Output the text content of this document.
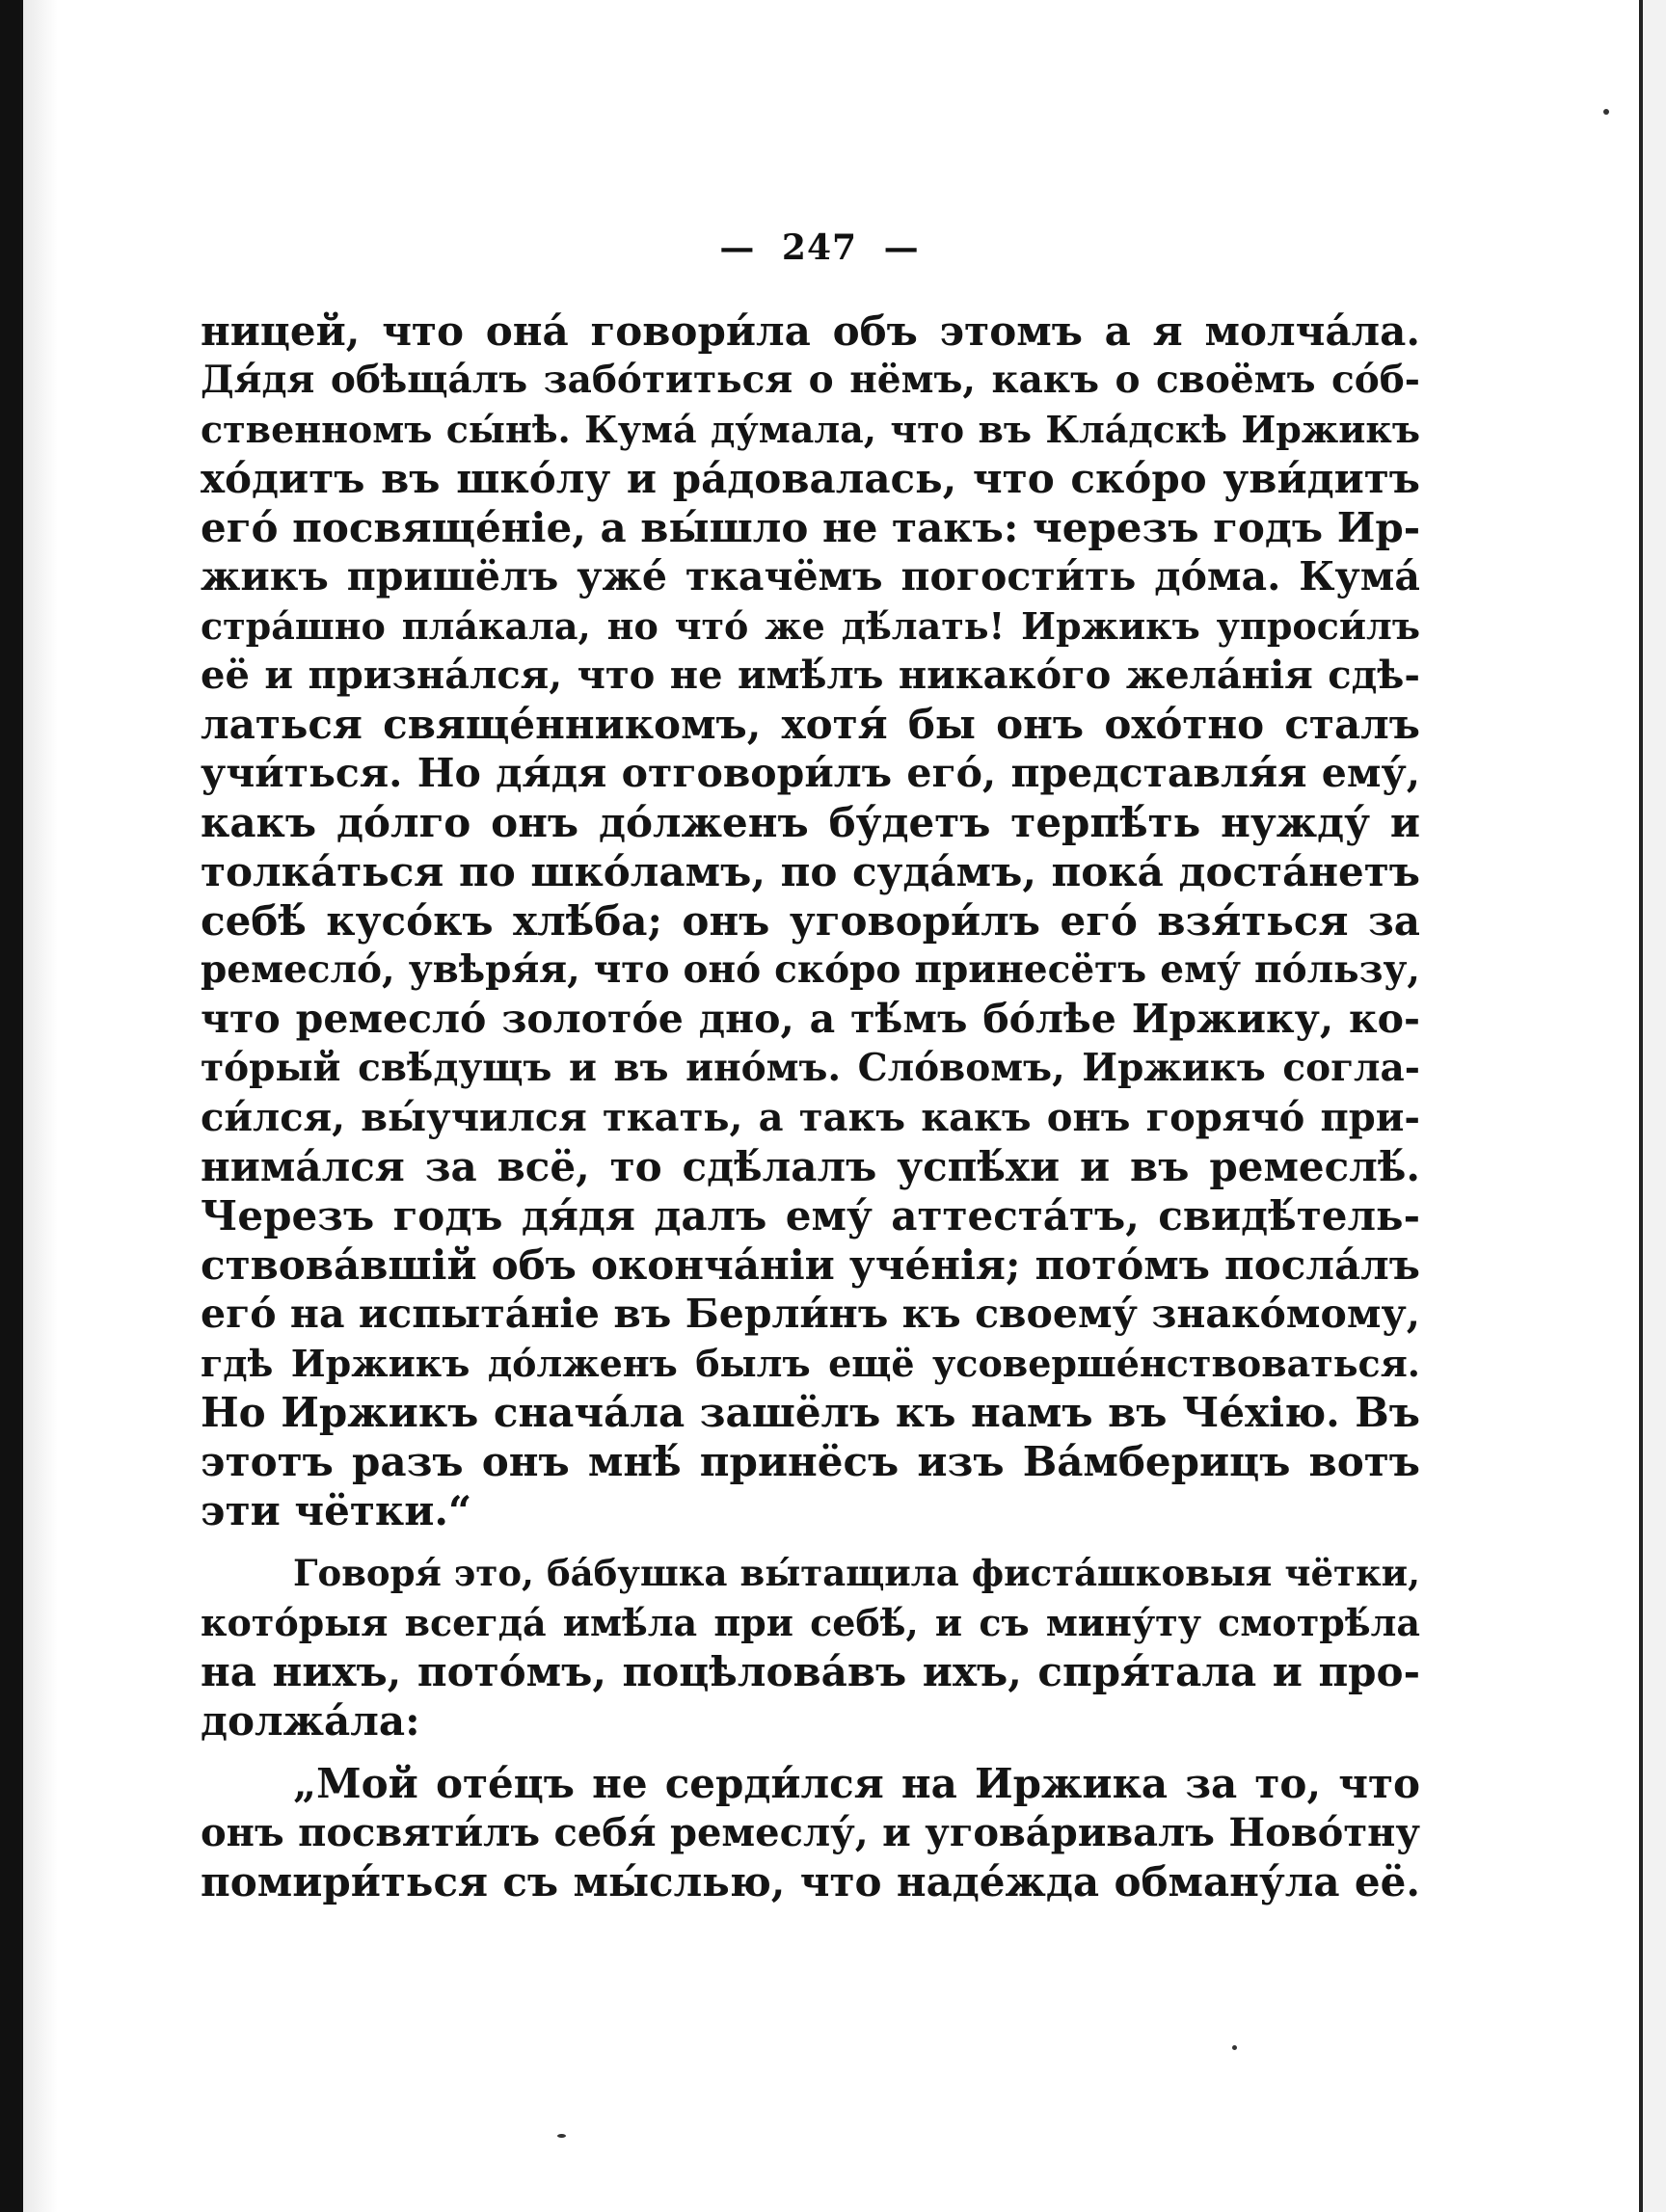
— 247 —
ницей, что она́ говори́ла объ этомъ а я молча́ла.
Дя́дя обѣща́лъ забо́титься о нёмъ, какъ о своёмъ со́б-
ственномъ сы́нѣ. Кума́ ду́мала, что въ Кла́дскѣ Иржикъ
хо́дитъ въ шко́лу и ра́довалась, что ско́ро уви́дитъ
его́ посвяще́ніе, а вы́шло не такъ: черезъ годъ Ир-
жикъ пришёлъ уже́ ткачёмъ погости́ть до́ма. Кума́
стра́шно пла́кала, но что́ же дѣ́лать! Иржикъ упроси́лъ
её и призна́лся, что не имѣ́лъ никако́го жела́нія сдѣ-
латься свяще́нникомъ, хотя́ бы онъ охо́тно сталъ
учи́ться. Но дя́дя отговори́лъ его́, представля́я ему́,
какъ до́лго онъ до́лженъ бу́детъ терпѣ́ть нужду́ и
толка́ться по шко́ламъ, по суда́мъ, пока́ доста́нетъ
себѣ́ кусо́къ хлѣ́ба; онъ уговори́лъ его́ взя́ться за
ремесло́, увѣря́я, что оно́ ско́ро принесётъ ему́ по́льзу,
что ремесло́ золото́е дно, а тѣ́мъ бо́лѣе Иржику, ко-
то́рый свѣ́дущъ и въ ино́мъ. Сло́вомъ, Иржикъ согла-
си́лся, вы́учился ткать, а такъ какъ онъ горячо́ при-
нима́лся за всё, то сдѣ́лалъ успѣ́хи и въ ремеслѣ́.
Черезъ годъ дя́дя далъ ему́ аттеста́тъ, свидѣ́тель-
ствова́вшій объ оконча́ніи уче́нія; пото́мъ посла́лъ
его́ на испыта́ніе въ Берли́нъ къ своему́ знако́мому,
гдѣ Иржикъ до́лженъ былъ ещё усоверше́нствоваться.
Но Иржикъ снача́ла зашёлъ къ намъ въ Че́хію. Въ
этотъ разъ онъ мнѣ́ принёсъ изъ Ва́мберицъ вотъ
эти чётки.“
Говоря́ это, ба́бушка вы́тащила фиста́шковыя чётки,
кото́рыя всегда́ имѣ́ла при себѣ́, и съ мину́ту смотрѣ́ла
на нихъ, пото́мъ, поцѣлова́въ ихъ, спря́тала и про-
должа́ла:
„Мой оте́цъ не серди́лся на Иржика за то, что
онъ посвяти́лъ себя́ ремеслу́, и угова́ривалъ Ново́тну
помири́ться съ мы́слью, что наде́жда обману́ла её.
